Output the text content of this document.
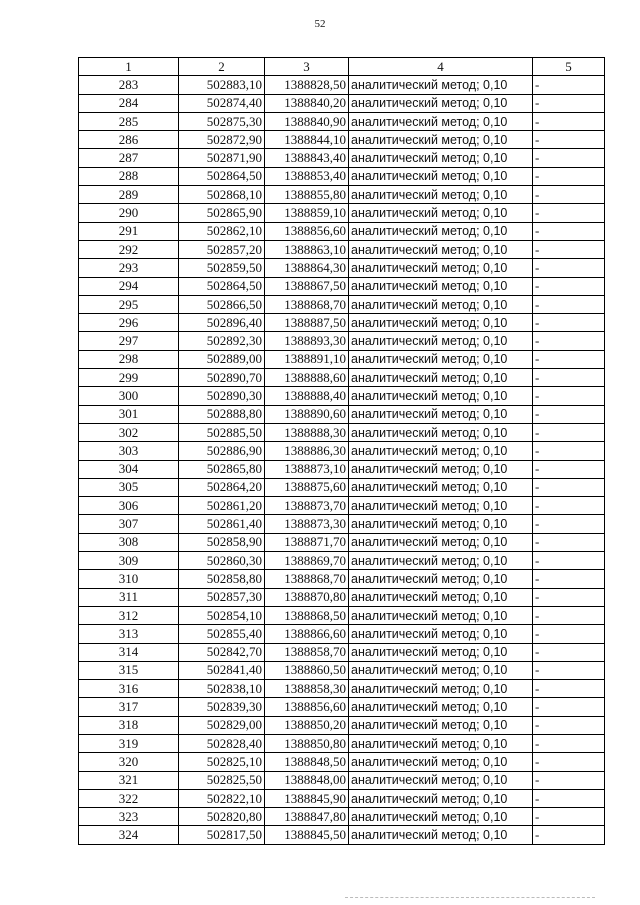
52
1	2	3	4	5
283	502883,10	1388828,50	аналитический метод; 0,10	-
284	502874,40	1388840,20	аналитический метод; 0,10	-
285	502875,30	1388840,90	аналитический метод; 0,10	-
286	502872,90	1388844,10	аналитический метод; 0,10	-
287	502871,90	1388843,40	аналитический метод; 0,10	-
288	502864,50	1388853,40	аналитический метод; 0,10	-
289	502868,10	1388855,80	аналитический метод; 0,10	-
290	502865,90	1388859,10	аналитический метод; 0,10	-
291	502862,10	1388856,60	аналитический метод; 0,10	-
292	502857,20	1388863,10	аналитический метод; 0,10	-
293	502859,50	1388864,30	аналитический метод; 0,10	-
294	502864,50	1388867,50	аналитический метод; 0,10	-
295	502866,50	1388868,70	аналитический метод; 0,10	-
296	502896,40	1388887,50	аналитический метод; 0,10	-
297	502892,30	1388893,30	аналитический метод; 0,10	-
298	502889,00	1388891,10	аналитический метод; 0,10	-
299	502890,70	1388888,60	аналитический метод; 0,10	-
300	502890,30	1388888,40	аналитический метод; 0,10	-
301	502888,80	1388890,60	аналитический метод; 0,10	-
302	502885,50	1388888,30	аналитический метод; 0,10	-
303	502886,90	1388886,30	аналитический метод; 0,10	-
304	502865,80	1388873,10	аналитический метод; 0,10	-
305	502864,20	1388875,60	аналитический метод; 0,10	-
306	502861,20	1388873,70	аналитический метод; 0,10	-
307	502861,40	1388873,30	аналитический метод; 0,10	-
308	502858,90	1388871,70	аналитический метод; 0,10	-
309	502860,30	1388869,70	аналитический метод; 0,10	-
310	502858,80	1388868,70	аналитический метод; 0,10	-
311	502857,30	1388870,80	аналитический метод; 0,10	-
312	502854,10	1388868,50	аналитический метод; 0,10	-
313	502855,40	1388866,60	аналитический метод; 0,10	-
314	502842,70	1388858,70	аналитический метод; 0,10	-
315	502841,40	1388860,50	аналитический метод; 0,10	-
316	502838,10	1388858,30	аналитический метод; 0,10	-
317	502839,30	1388856,60	аналитический метод; 0,10	-
318	502829,00	1388850,20	аналитический метод; 0,10	-
319	502828,40	1388850,80	аналитический метод; 0,10	-
320	502825,10	1388848,50	аналитический метод; 0,10	-
321	502825,50	1388848,00	аналитический метод; 0,10	-
322	502822,10	1388845,90	аналитический метод; 0,10	-
323	502820,80	1388847,80	аналитический метод; 0,10	-
324	502817,50	1388845,50	аналитический метод; 0,10	-
